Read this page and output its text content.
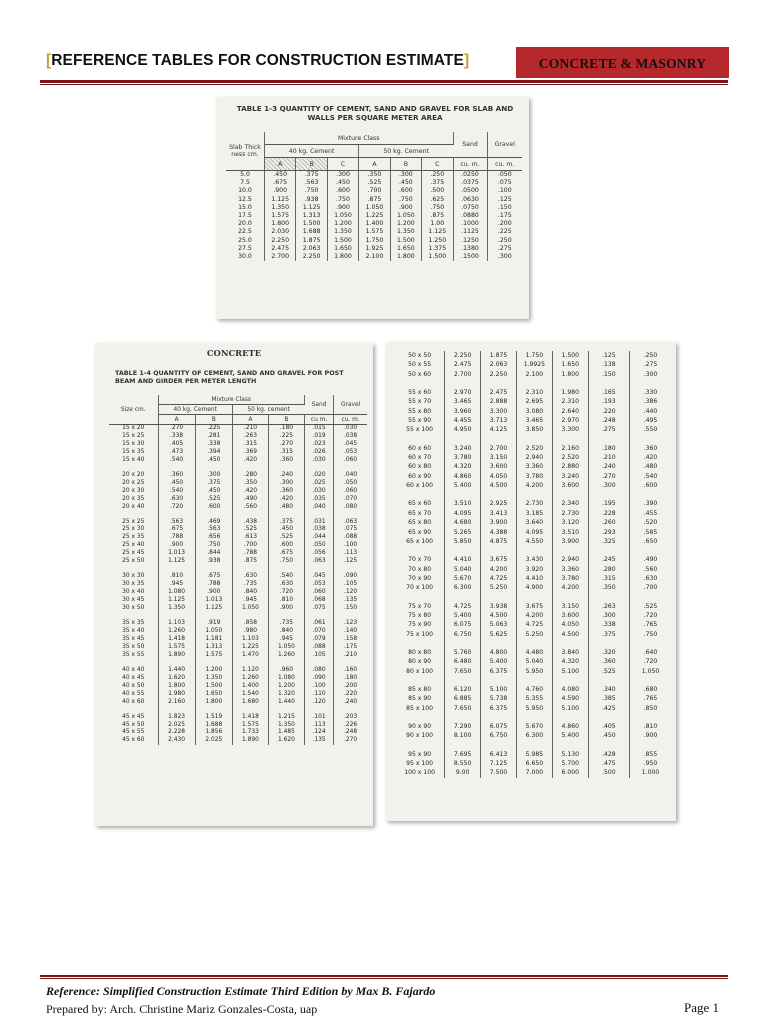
[REFERENCE TABLES FOR CONSTRUCTION ESTIMATE]	CONCRETE & MASONRY
TABLE 1-3 QUANTITY OF CEMENT, SAND AND GRAVEL FOR SLAB AND WALLS PER SQUARE METER AREA
Slab Thick ness cm.	Mixture Class						Sand	Gravel
	40 kg. Cement			50 kg. Cement				
	A	B	C	A	B	C	cu. m.	cu. m.
5.0	.450	.375	.300	.350	.300	.250	.0250	.050
7.5	.675	.563	.450	.525	.450	.375	.0375	.075
10.0	.900	.750	.600	.700	.600	.500	.0500	.100
12.5	1.125	.938	.750	.875	.750	.625	.0630	.125
15.0	1.350	1.125	.900	1.050	.900	.750	.0750	.150
17.5	1.575	1.313	1.050	1.225	1.050	.875	.0880	.175
20.0	1.800	1.500	1.200	1.400	1.200	1.00	.1000	.200
22.5	2.030	1.688	1.350	1.575	1.350	1.125	.1125	.225
25.0	2.250	1.875	1.500	1.750	1.500	1.250	.1250	.250
27.5	2.475	2.063	1.650	1.925	1.650	1.375	.1380	.275
30.0	2.700	2.250	1.800	2.100	1.800	1.500	.1500	.300
CONCRETE
TABLE 1-4 QUANTITY OF CEMENT, SAND AND GRAVEL FOR POST BEAM AND GIRDER PER METER LENGTH
Size cm.	Mixture Class				Sand	Gravel
	40 kg. Cement		50 kg. cement			
	A	B	A	B	cu m.	cu. m.
15 x 20	.270	.225	.210	.180	.015	.030
15 x 25	.338	.281	.263	.225	.019	.038
15 x 30	.405	.338	.315	.270	.023	.045
15 x 35	.473	.394	.369	.315	.026	.053
15 x 40	.540	.450	.420	.360	.030	.060

20 x 20	.360	.300	.280	.240	.020	.040
20 x 25	.450	.375	.350	.300	.025	.050
20 x 30	.540	.450	.420	.360	.030	.060
20 x 35	.630	.525	.490	.420	.035	.070
20 x 40	.720	.600	.560	.480	.040	.080

25 x 25	.563	.469	.438	.375	.031	.063
25 x 30	.675	.563	.525	.450	.038	.075
25 x 35	.788	.656	.613	.525	.044	.088
25 x 40	.900	.750	.700	.600	.050	.100
25 x 45	1.013	.844	.788	.675	.056	.113
25 x 50	1.125	.938	.875	.750	.063	.125

30 x 30	.810	.675	.630	.540	.045	.090
30 x 35	.945	.788	.735	.630	.053	.105
30 x 40	1.080	.900	.840	.720	.060	.120
30 x 45	1.125	1.013	.945	.810	.068	.135
30 x 50	1.350	1.125	1.050	.900	.075	.150

35 x 35	1.103	.919	.858	.735	.061	.123
35 x 40	1.260	1.050	.980	.840	.070	.140
35 x 45	1.418	1.181	1.103	.945	.079	.158
35 x 50	1.575	1.313	1.225	1.050	.088	.175
35 x 55	1.890	1.575	1.470	1.260	.105	.210

40 x 40	1.440	1.200	1.120	.960	.080	.160
40 x 45	1.620	1.350	1.260	1.080	.090	.180
40 x 50	1.800	1.500	1.400	1.200	.100	.200
40 x 55	1.980	1.650	1.540	1.320	.110	.220
40 x 60	2.160	1.800	1.680	1.440	.120	.240

45 x 45	1.823	1.519	1.418	1.215	.101	.203
45 x 50	2.025	1.688	1.575	1.350	.113	.226
45 x 55	2.228	1.856	1.733	1.485	.124	.248
45 x 60	2.430	2.025	1.890	1.620	.135	.270
50 x 50	2.250	1.875	1.750	1.500	.125	.250
50 x 55	2.475	2.063	1.9925	1.650	.138	.275
50 x 60	2.700	2.250	2.100	1.800	.150	.300

55 x 60	2.970	2.475	2.310	1.980	.165	.330
55 x 70	3.465	2.888	2.695	2.310	.193	.386
55 x 80	3.960	3.300	3.080	2.640	.220	.440
55 x 90	4.455	3.713	3.465	2.970	.248	.495
55 x 100	4.950	4.125	3.850	3.300	.275	.550

60 x 60	3.240	2.700	2.520	2.160	.180	.360
60 x 70	3.780	3.150	2.940	2.520	.210	.420
60 x 80	4.320	3.600	3.360	2.880	.240	.480
60 x 90	4.860	4.050	3.780	3.240	.270	.540
60 x 100	5.400	4.500	4.200	3.600	.300	.600

65 x 60	3.510	2.925	2.730	2.340	.195	.390
65 x 70	4.095	3.413	3.185	2.730	.228	.455
65 x 80	4.680	3.900	3.640	3.120	.260	.520
65 x 90	5.265	4.388	4.095	3.510	.293	.585
65 x 100	5.850	4.875	4.550	3.900	.325	.650

70 x 70	4.410	3.675	3.430	2.940	.245	.490
70 x 80	5.040	4.200	3.920	3.360	.280	.560
70 x 90	5.670	4.725	4.410	3.780	.315	.630
70 x 100	6.300	5.250	4.900	4.200	.350	.700

75 x 70	4.725	3.938	3.675	3.150	.263	.525
75 x 80	5.400	4.500	4.200	3.600	.300	.720
75 x 90	6.075	5.063	4.725	4.050	.338	.765
75 x 100	6.750	5.625	5.250	4.500	.375	.750

80 x 80	5.760	4.800	4.480	3.840	.320	.640
80 x 90	6.480	5.400	5.040	4.320	.360	.720
80 x 100	7.650	6.375	5.950	5.100	.525	1.050

85 x 80	6.120	5.100	4.760	4.080	.340	.680
85 x 90	6.885	5.738	5.355	4.590	.385	.765
85 x 100	7.650	6.375	5.950	5.100	.425	.850

90 x 90	7.290	6.075	5.670	4.860	.405	.810
90 x 100	8.100	6.750	6.300	5.400	.450	.900

95 x 90	7.695	6.413	5.985	5.130	.428	.855
95 x 100	8.550	7.125	6.650	5.700	.475	.950
100 x 100	9.00	7.500	7.000	6.000	.500	1.000
Reference: Simplified Construction Estimate Third Edition by Max B. Fajardo
Prepared by: Arch. Christine Mariz Gonzales-Costa, uap	Page 1
